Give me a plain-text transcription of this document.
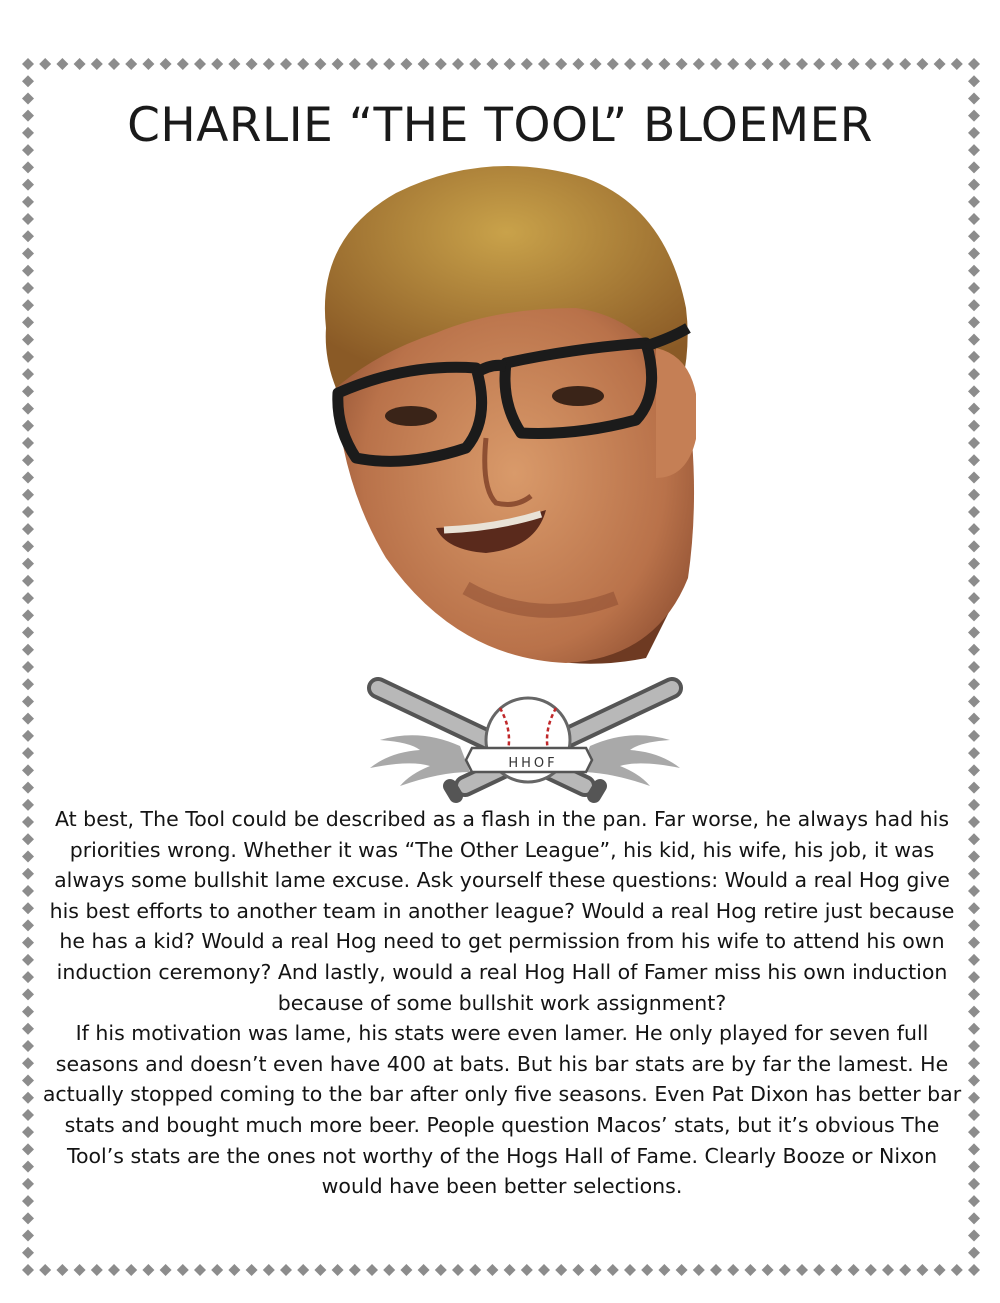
CHARLIE “THE TOOL” BLOEMER
HHOF

At best, The Tool could be described as a flash in the pan. Far worse, he always had his priorities wrong. Whether it was “The Other League”, his kid, his wife, his job, it was always some bullshit lame excuse. Ask yourself these questions: Would a real Hog give his best efforts to another team in another league? Would a real Hog retire just because he has a kid? Would a real Hog need to get permission from his wife to attend his own induction ceremony? And lastly, would a real Hog Hall of Famer miss his own induction because of some bullshit work assignment?

If his motivation was lame, his stats were even lamer. He only played for seven full seasons and doesn’t even have 400 at bats. But his bar stats are by far the lamest. He actually stopped coming to the bar after only five seasons. Even Pat Dixon has better bar stats and bought much more beer. People question Macos’ stats, but it’s obvious The Tool’s stats are the ones not worthy of the Hogs Hall of Fame. Clearly Booze or Nixon would have been better selections.
